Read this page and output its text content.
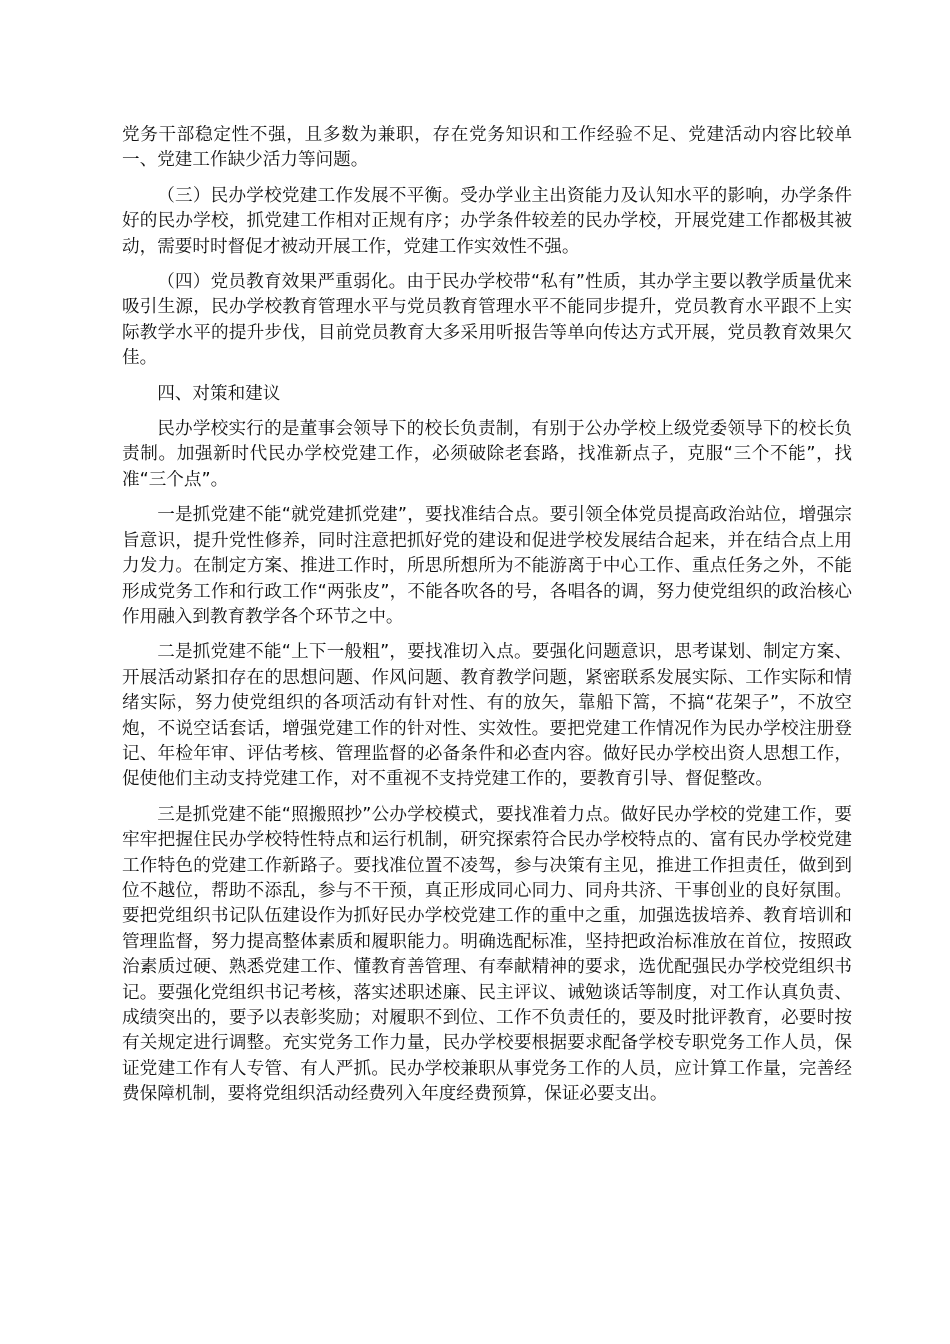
党务干部稳定性不强，且多数为兼职，存在党务知识和工作经验不足、党建活动内容比较单一、党建工作缺少活力等问题。

（三）民办学校党建工作发展不平衡。受办学业主出资能力及认知水平的影响，办学条件好的民办学校，抓党建工作相对正规有序；办学条件较差的民办学校，开展党建工作都极其被动，需要时时督促才被动开展工作，党建工作实效性不强。

（四）党员教育效果严重弱化。由于民办学校带“私有”性质，其办学主要以教学质量优来吸引生源，民办学校教育管理水平与党员教育管理水平不能同步提升，党员教育水平跟不上实际教学水平的提升步伐，目前党员教育大多采用听报告等单向传达方式开展，党员教育效果欠佳。

四、对策和建议

民办学校实行的是董事会领导下的校长负责制，有别于公办学校上级党委领导下的校长负责制。加强新时代民办学校党建工作，必须破除老套路，找准新点子，克服“三个不能”，找准“三个点”。

一是抓党建不能“就党建抓党建”，要找准结合点。要引领全体党员提高政治站位，增强宗旨意识，提升党性修养，同时注意把抓好党的建设和促进学校发展结合起来，并在结合点上用力发力。在制定方案、推进工作时，所思所想所为不能游离于中心工作、重点任务之外，不能形成党务工作和行政工作“两张皮”，不能各吹各的号，各唱各的调，努力使党组织的政治核心作用融入到教育教学各个环节之中。

二是抓党建不能“上下一般粗”，要找准切入点。要强化问题意识，思考谋划、制定方案、开展活动紧扣存在的思想问题、作风问题、教育教学问题，紧密联系发展实际、工作实际和情绪实际，努力使党组织的各项活动有针对性、有的放矢，靠船下篙，不搞“花架子”，不放空炮，不说空话套话，增强党建工作的针对性、实效性。要把党建工作情况作为民办学校注册登记、年检年审、评估考核、管理监督的必备条件和必查内容。做好民办学校出资人思想工作，促使他们主动支持党建工作，对不重视不支持党建工作的，要教育引导、督促整改。

三是抓党建不能“照搬照抄”公办学校模式，要找准着力点。做好民办学校的党建工作，要牢牢把握住民办学校特性特点和运行机制，研究探索符合民办学校特点的、富有民办学校党建工作特色的党建工作新路子。要找准位置不凌驾，参与决策有主见，推进工作担责任，做到到位不越位，帮助不添乱，参与不干预，真正形成同心同力、同舟共济、干事创业的良好氛围。要把党组织书记队伍建设作为抓好民办学校党建工作的重中之重，加强选拔培养、教育培训和管理监督，努力提高整体素质和履职能力。明确选配标准，坚持把政治标准放在首位，按照政治素质过硬、熟悉党建工作、懂教育善管理、有奉献精神的要求，选优配强民办学校党组织书记。要强化党组织书记考核，落实述职述廉、民主评议、诫勉谈话等制度，对工作认真负责、成绩突出的，要予以表彰奖励；对履职不到位、工作不负责任的，要及时批评教育，必要时按有关规定进行调整。充实党务工作力量，民办学校要根据要求配备学校专职党务工作人员，保证党建工作有人专管、有人严抓。民办学校兼职从事党务工作的人员，应计算工作量，完善经费保障机制，要将党组织活动经费列入年度经费预算，保证必要支出。
